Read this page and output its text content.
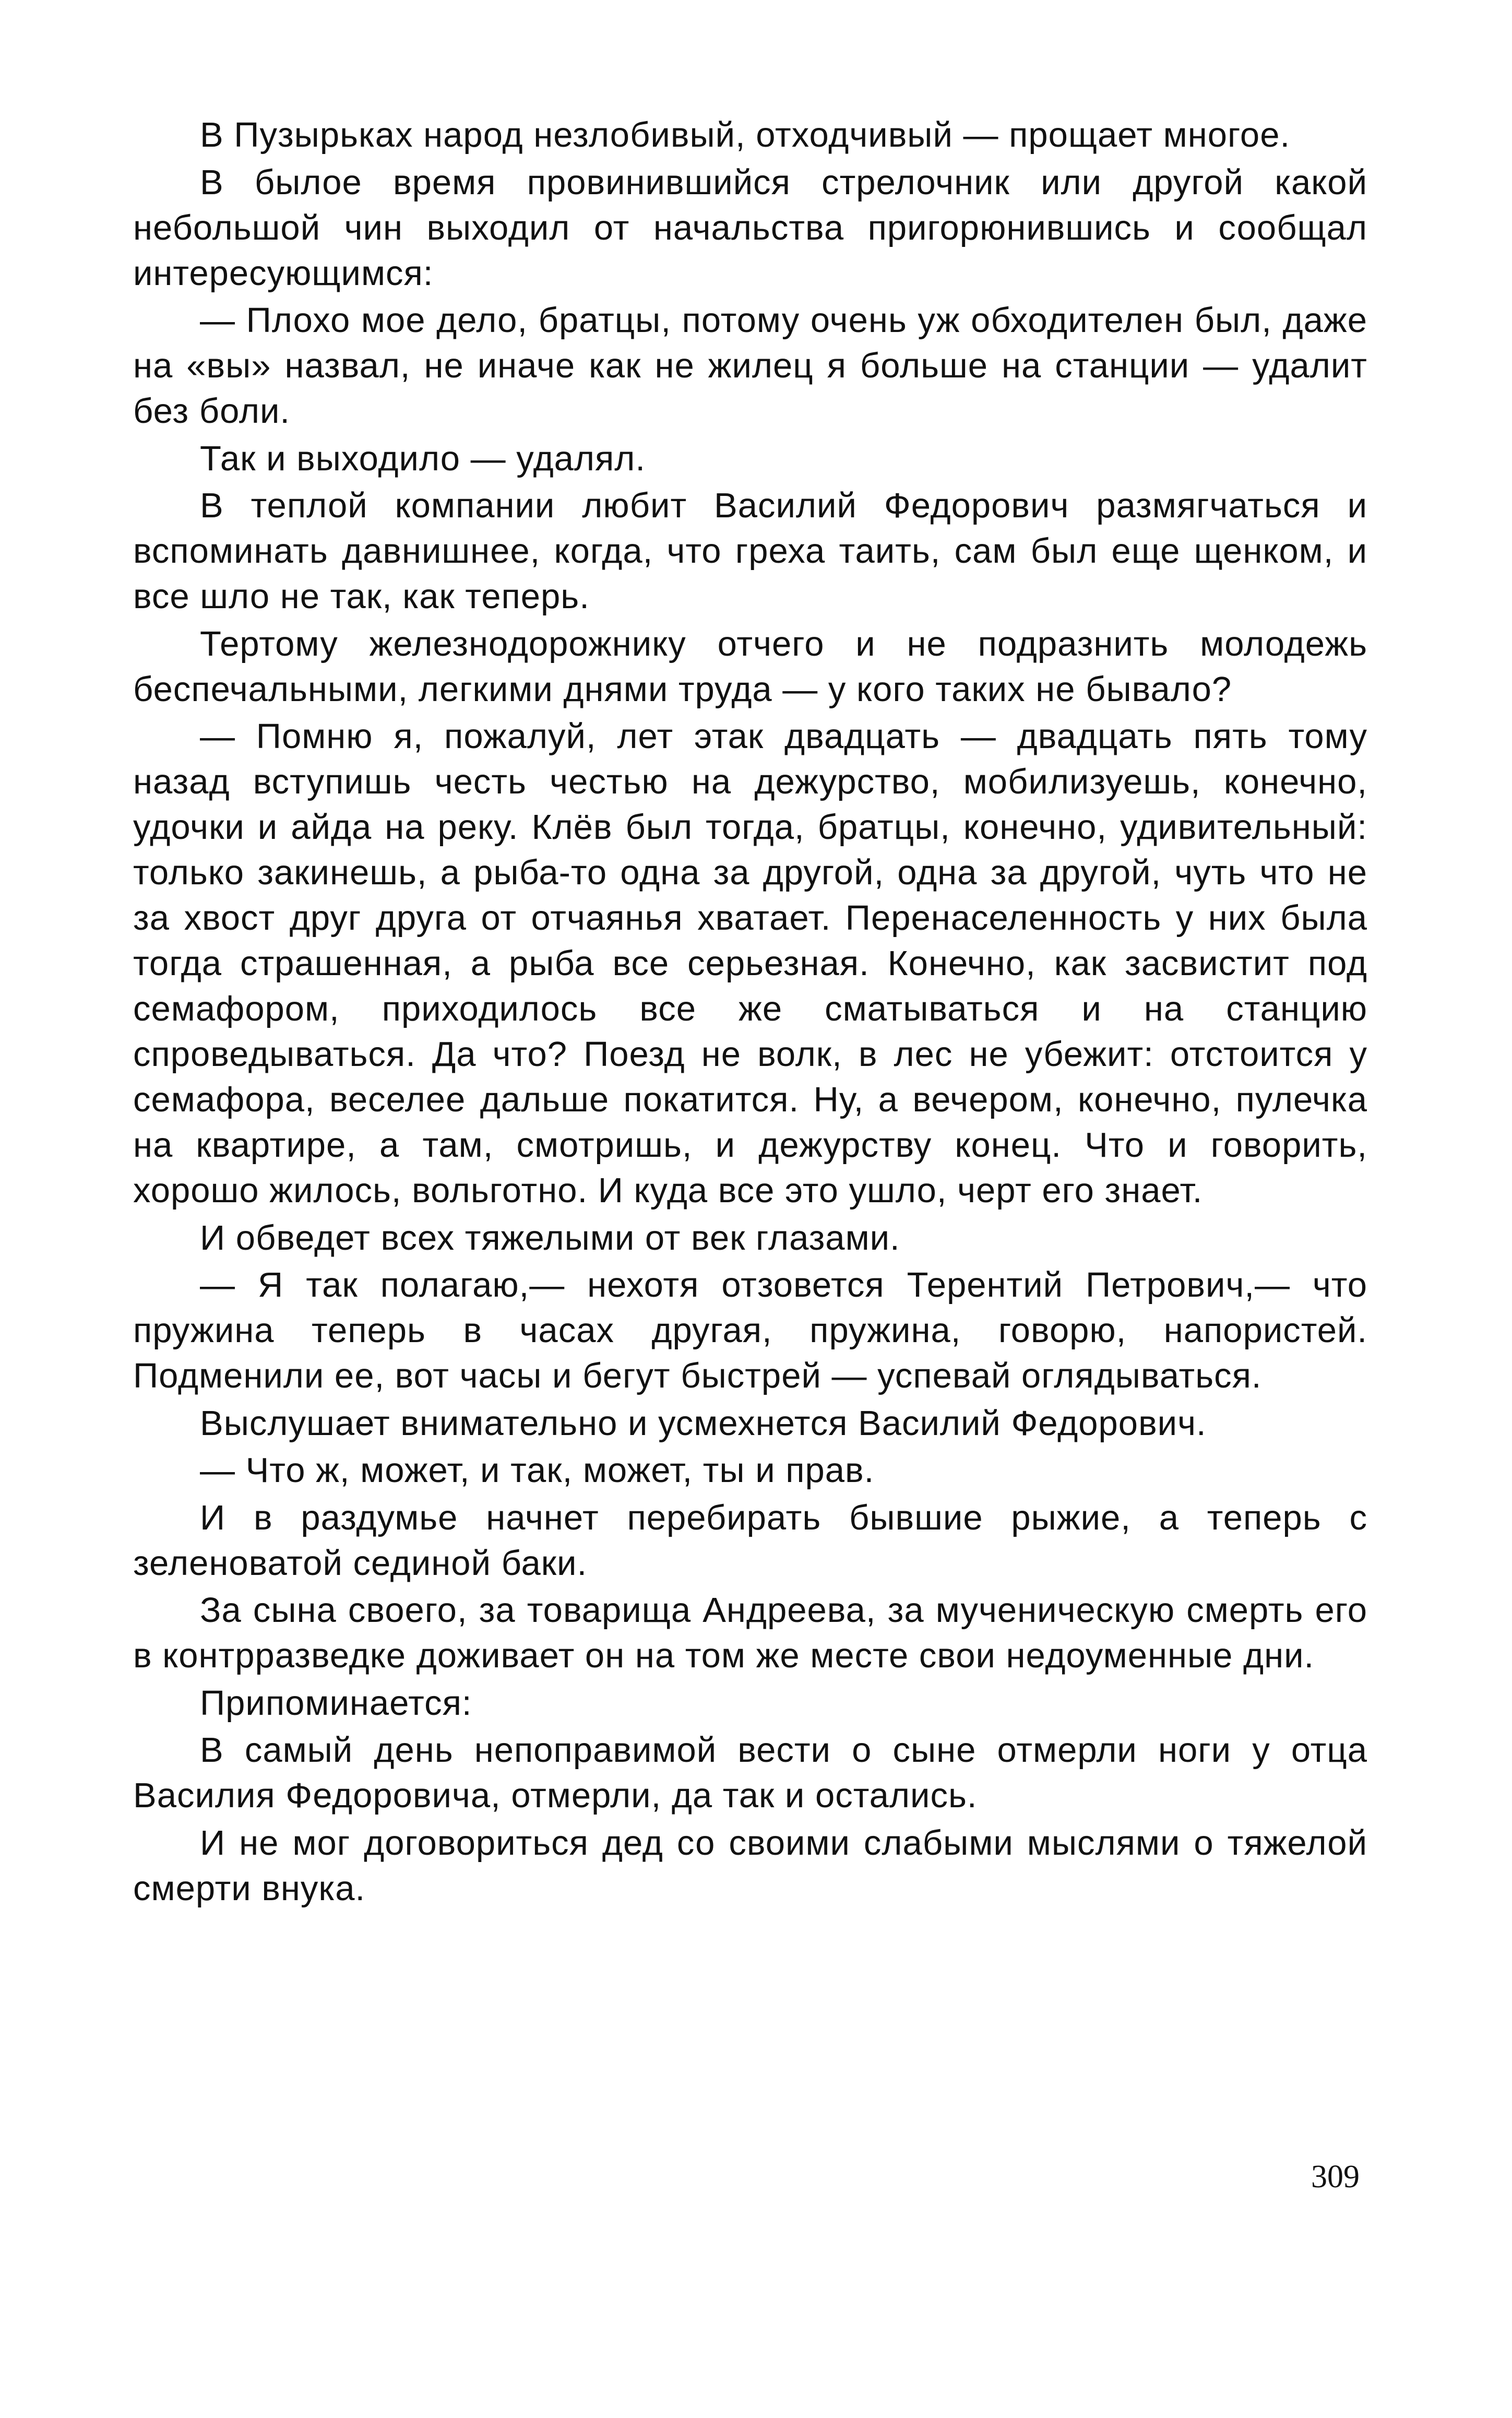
В Пузырьках народ незлобивый, отходчивый — прощает многое.

В былое время провинившийся стрелочник или другой какой небольшой чин выходил от начальства пригорюнившись и сообщал интересующимся:

— Плохо мое дело, братцы, потому очень уж обходителен был, даже на «вы» назвал, не иначе как не жилец я больше на станции — удалит без боли.

Так и выходило — удалял.

В теплой компании любит Василий Федорович размягчаться и вспоминать давнишнее, когда, что греха таить, сам был еще щенком, и все шло не так, как теперь.

Тертому железнодорожнику отчего и не подразнить молодежь беспечальными, легкими днями труда — у кого таких не бывало?

— Помню я, пожалуй, лет этак двадцать — двадцать пять тому назад вступишь честь честью на дежурство, мобилизуешь, конечно, удочки и айда на реку. Клёв был тогда, братцы, конечно, удивительный: только закинешь, а рыба-то одна за другой, одна за другой, чуть что не за хвост друг друга от отчаянья хватает. Перенаселенность у них была тогда страшенная, а рыба все серьезная. Конечно, как засвистит под семафором, приходилось все же сматываться и на станцию спроведываться. Да что? Поезд не волк, в лес не убежит: отстоится у семафора, веселее дальше покатится. Ну, а вечером, конечно, пулечка на квартире, а там, смотришь, и дежурству конец. Что и говорить, хорошо жилось, вольготно. И куда все это ушло, черт его знает.

И обведет всех тяжелыми от век глазами.

— Я так полагаю,— нехотя отзовется Терентий Петрович,— что пружина теперь в часах другая, пружина, говорю, напористей. Подменили ее, вот часы и бегут быстрей — успевай оглядываться.

Выслушает внимательно и усмехнется Василий Федорович.

— Что ж, может, и так, может, ты и прав.

И в раздумье начнет перебирать бывшие рыжие, а теперь с зеленоватой сединой баки.

За сына своего, за товарища Андреева, за мученическую смерть его в контрразведке доживает он на том же месте свои недоуменные дни.

Припоминается:

В самый день непоправимой вести о сыне отмерли ноги у отца Василия Федоровича, отмерли, да так и остались.

И не мог договориться дед со своими слабыми мыслями о тяжелой смерти внука.

309
